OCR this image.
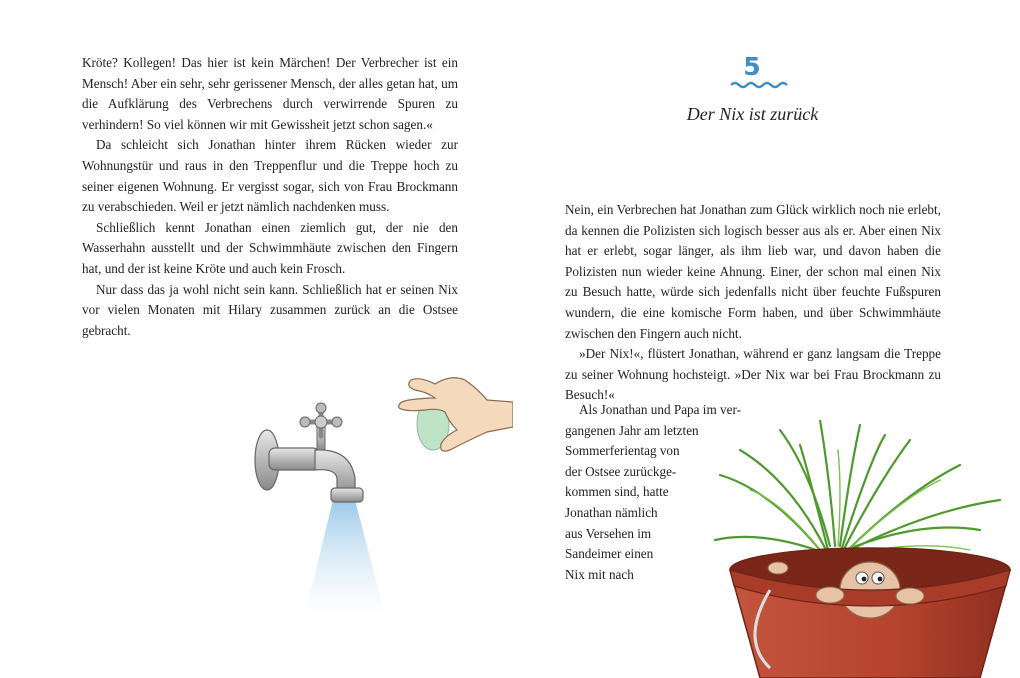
Kröte? Kollegen! Das hier ist kein Märchen! Der Verbrecher ist ein Mensch! Aber ein sehr, sehr gerissener Mensch, der alles getan hat, um die Aufklärung des Verbrechens durch verwirrende Spuren zu verhindern! So viel können wir mit Gewissheit jetzt schon sagen.«

Da schleicht sich Jonathan hinter ihrem Rücken wieder zur Wohnungstür und raus in den Treppenflur und die Treppe hoch zu seiner eigenen Wohnung. Er vergisst sogar, sich von Frau Brockmann zu verabschieden. Weil er jetzt nämlich nachdenken muss.

Schließlich kennt Jonathan einen ziemlich gut, der nie den Wasserhahn ausstellt und der Schwimmhäute zwischen den Fingern hat, und der ist keine Kröte und auch kein Frosch.

Nur dass das ja wohl nicht sein kann. Schließlich hat er seinen Nix vor vielen Monaten mit Hilary zusammen zurück an die Ostsee gebracht.

5
Der Nix ist zurück

Nein, ein Verbrechen hat Jonathan zum Glück wirklich noch nie erlebt, da kennen die Polizisten sich logisch besser aus als er. Aber einen Nix hat er erlebt, sogar länger, als ihm lieb war, und davon haben die Polizisten nun wieder keine Ahnung. Einer, der schon mal einen Nix zu Besuch hatte, würde sich jedenfalls nicht über feuchte Fußspuren wundern, die eine komische Form haben, und über Schwimmhäute zwischen den Fingern auch nicht.

»Der Nix!«, flüstert Jonathan, während er ganz langsam die Treppe zu seiner Wohnung hochsteigt. »Der Nix war bei Frau Brockmann zu Besuch!«

Als Jonathan und Papa im ver-
gangenen Jahr am letzten
Sommerferientag von
der Ostsee zurückge-
kommen sind, hatte
Jonathan nämlich
aus Versehen im
Sandeimer einen
Nix mit nach
